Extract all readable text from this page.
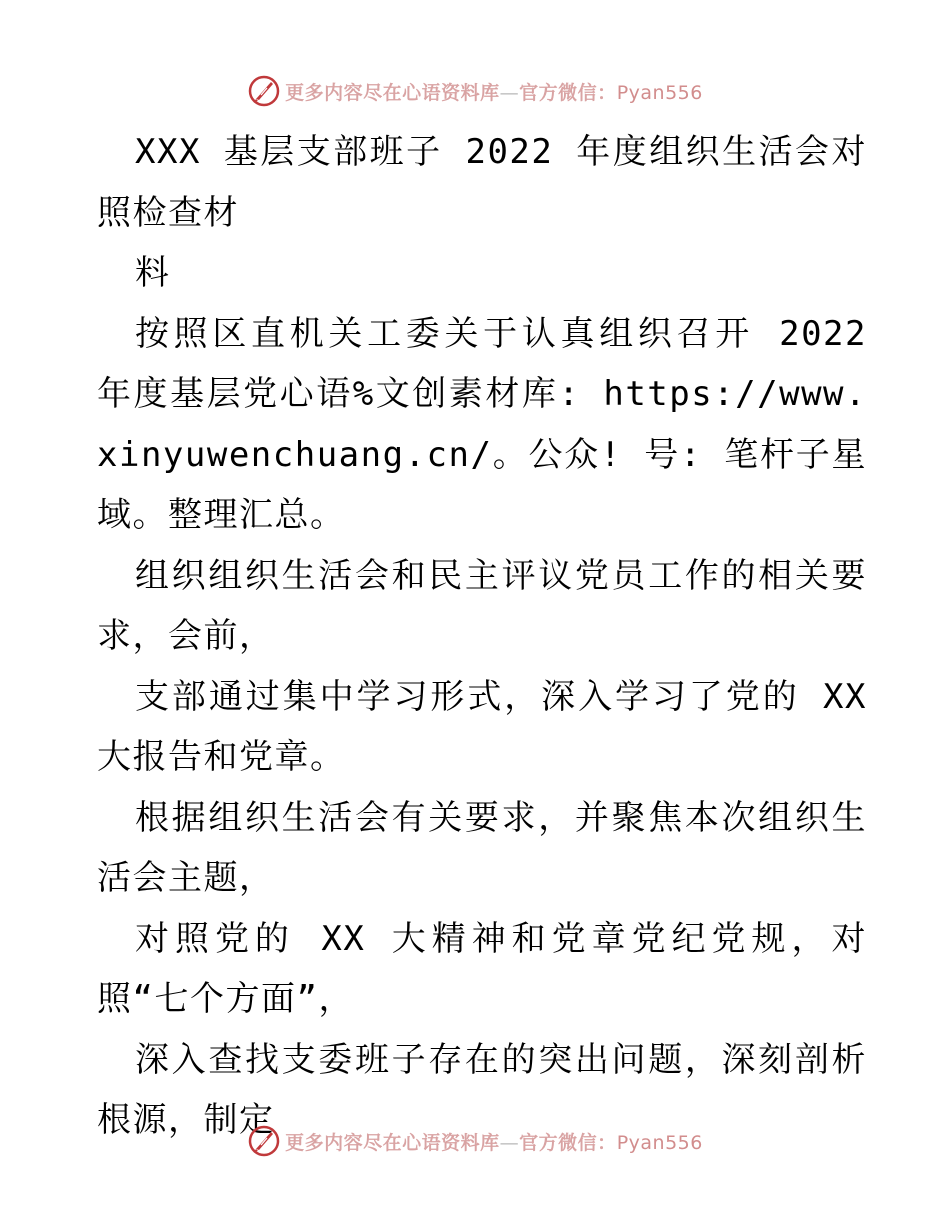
更多内容尽在心语资料库—官方微信：Pyan556

XXX 基层支部班子 2022 年度组织生活会对照检查材

料

按照区直机关工委关于认真组织召开 2022 年度基层党心语%文创素材库: https://www.xinyuwenchuang.cn/。公众! 号: 笔杆子星域。整理汇总。

组织组织生活会和民主评议党员工作的相关要求，会前，

支部通过集中学习形式，深入学习了党的 XX 大报告和党章。

根据组织生活会有关要求，并聚焦本次组织生活会主题，

对照党的 XX 大精神和党章党纪党规，对照“七个方面”，

深入查找支委班子存在的突出问题，深刻剖析根源，制定

更多内容尽在心语资料库—官方微信：Pyan556
